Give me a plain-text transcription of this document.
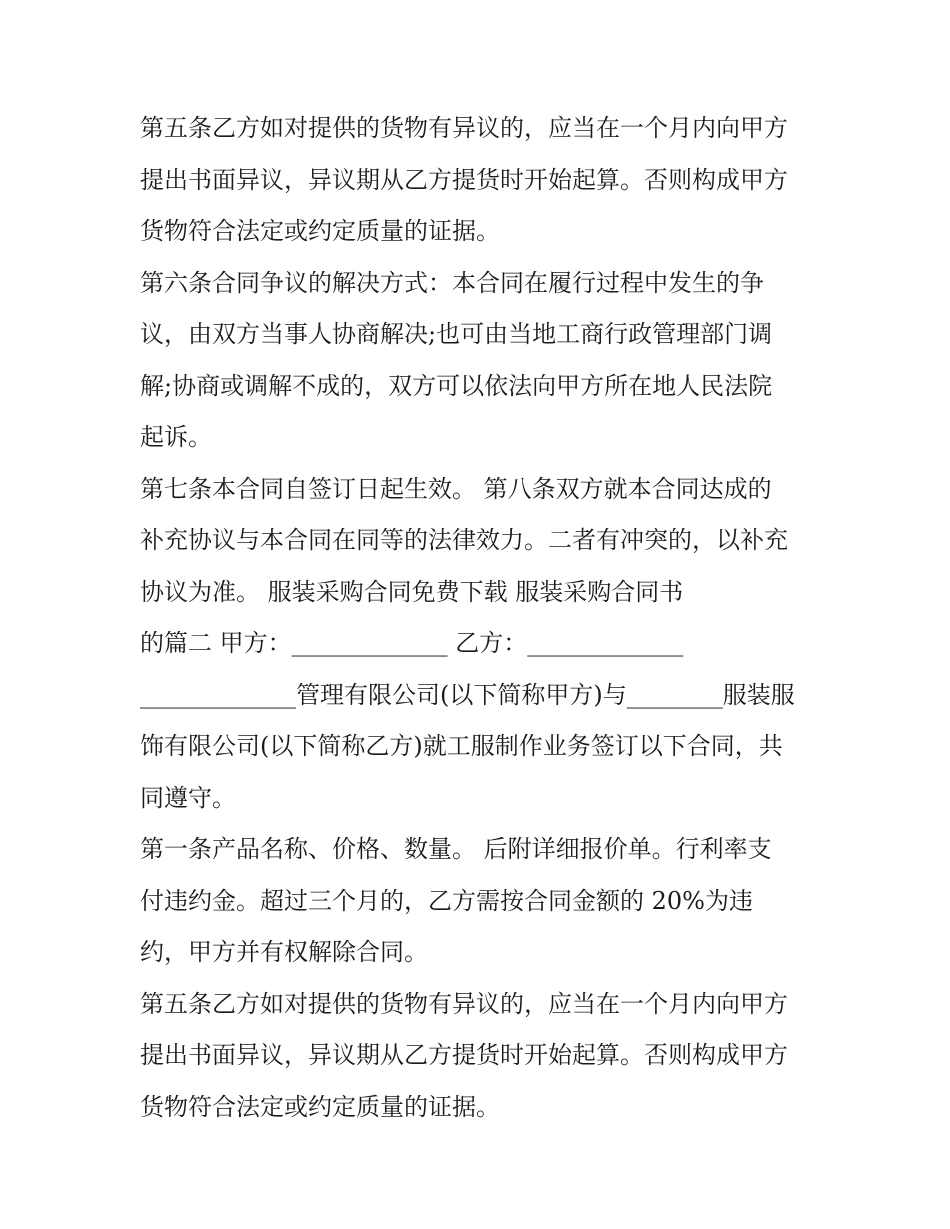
第五条乙方如对提供的货物有异议的，应当在一个月内向甲方
提出书面异议，异议期从乙方提货时开始起算。否则构成甲方
货物符合法定或约定质量的证据。
第六条合同争议的解决方式：本合同在履行过程中发生的争
议，由双方当事人协商解决;也可由当地工商行政管理部门调
解;协商或调解不成的，双方可以依法向甲方所在地人民法院
起诉。
第七条本合同自签订日起生效。 第八条双方就本合同达成的
补充协议与本合同在同等的法律效力。二者有冲突的，以补充
协议为准。 服装采购合同免费下载 服装采购合同书
的篇二 甲方：_____________ 乙方：_____________
_____________管理有限公司(以下简称甲方)与________服装服
饰有限公司(以下简称乙方)就工服制作业务签订以下合同，共
同遵守。
第一条产品名称、价格、数量。 后附详细报价单。行利率支
付违约金。超过三个月的，乙方需按合同金额的 20%为违
约，甲方并有权解除合同。
第五条乙方如对提供的货物有异议的，应当在一个月内向甲方
提出书面异议，异议期从乙方提货时开始起算。否则构成甲方
货物符合法定或约定质量的证据。
